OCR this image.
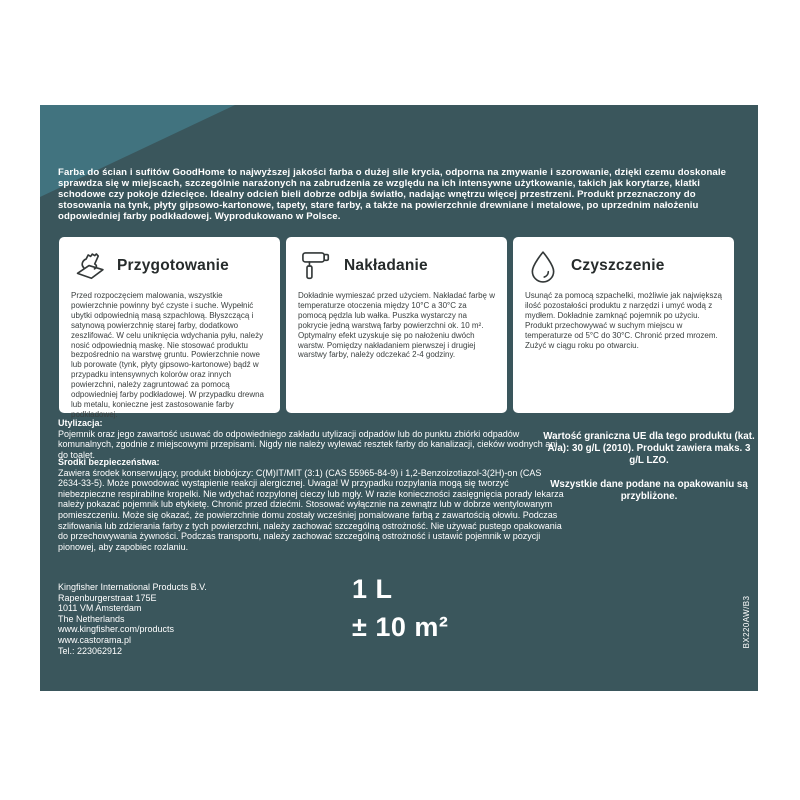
Farba do ścian i sufitów GoodHome to najwyższej jakości farba o dużej sile krycia, odporna na zmywanie i szorowanie, dzięki czemu doskonale sprawdza się w miejscach, szczególnie narażonych na zabrudzenia ze względu na ich intensywne użytkowanie, takich jak korytarze, klatki schodowe czy pokoje dziecięce. Idealny odcień bieli dobrze odbija światło, nadając wnętrzu więcej przestrzeni. Produkt przeznaczony do stosowania na tynk, płyty gipsowo-kartonowe, tapety, stare farby, a także na powierzchnie drewniane i metalowe, po uprzednim nałożeniu odpowiedniej farby podkładowej. Wyprodukowano w Polsce.

Przygotowanie

Przed rozpoczęciem malowania, wszystkie powierzchnie powinny być czyste i suche. Wypełnić ubytki odpowiednią masą szpachlową. Błyszczącą i satynową powierzchnię starej farby, dodatkowo zeszlifować. W celu uniknięcia wdychania pyłu, należy nosić odpowiednią maskę. Nie stosować produktu bezpośrednio na warstwę gruntu. Powierzchnie nowe lub porowate (tynk, płyty gipsowo-kartonowe) bądź w przypadku intensywnych kolorów oraz innych powierzchni, należy zagruntować za pomocą odpowiedniej farby podkładowej. W przypadku drewna lub metalu, konieczne jest zastosowanie farby podkładowej.

Nakładanie

Dokładnie wymieszać przed użyciem. Nakładać farbę w temperaturze otoczenia między 10°C a 30°C za pomocą pędzla lub wałka. Puszka wystarczy na pokrycie jedną warstwą farby powierzchni ok. 10 m². Optymalny efekt uzyskuje się po nałożeniu dwóch warstw. Pomiędzy nakładaniem pierwszej i drugiej warstwy farby, należy odczekać 2-4 godziny.

Czyszczenie

Usunąć za pomocą szpachelki, możliwie jak największą ilość pozostałości produktu z narzędzi i umyć wodą z mydłem. Dokładnie zamknąć pojemnik po użyciu. Produkt przechowywać w suchym miejscu w temperaturze od 5°C do 30°C. Chronić przed mrozem. Zużyć w ciągu roku po otwarciu.

Utylizacja:
Pojemnik oraz jego zawartość usuwać do odpowiedniego zakładu utylizacji odpadów lub do punktu zbiórki odpadów komunalnych, zgodnie z miejscowymi przepisami. Nigdy nie należy wylewać resztek farby do kanalizacji, cieków wodnych ani do toalet.

Środki bezpieczeństwa:
Zawiera środek konserwujący, produkt biobójczy: C(M)IT/MIT (3:1) (CAS 55965-84-9) i 1,2-Benzoizotiazol-3(2H)-on (CAS 2634-33-5). Może powodować wystąpienie reakcji alergicznej. Uwaga! W przypadku rozpylania mogą się tworzyć niebezpieczne respirabilne kropelki. Nie wdychać rozpylonej cieczy lub mgły. W razie konieczności zasięgnięcia porady lekarza należy pokazać pojemnik lub etykietę. Chronić przed dziećmi. Stosować wyłącznie na zewnątrz lub w dobrze wentylowanym pomieszczeniu. Może się okazać, że powierzchnie domu zostały wcześniej pomalowane farbą z zawartością ołowiu. Podczas szlifowania lub zdzierania farby z tych powierzchni, należy zachować szczególną ostrożność. Nie używać pustego opakowania do przechowywania żywności. Podczas transportu, należy zachować szczególną ostrożność i ustawić pojemnik w pozycji pionowej, aby zapobiec rozlaniu.

Wartość graniczna UE dla tego produktu (kat. A/a): 30 g/L (2010). Produkt zawiera maks. 3 g/L LZO.

Wszystkie dane podane na opakowaniu są przybliżone.

Kingfisher International Products B.V.
Rapenburgerstraat 175E
1011 VM Amsterdam
The Netherlands
www.kingfisher.com/products
www.castorama.pl
Tel.: 223062912
1 L
± 10 m²	BX220AW/B3
